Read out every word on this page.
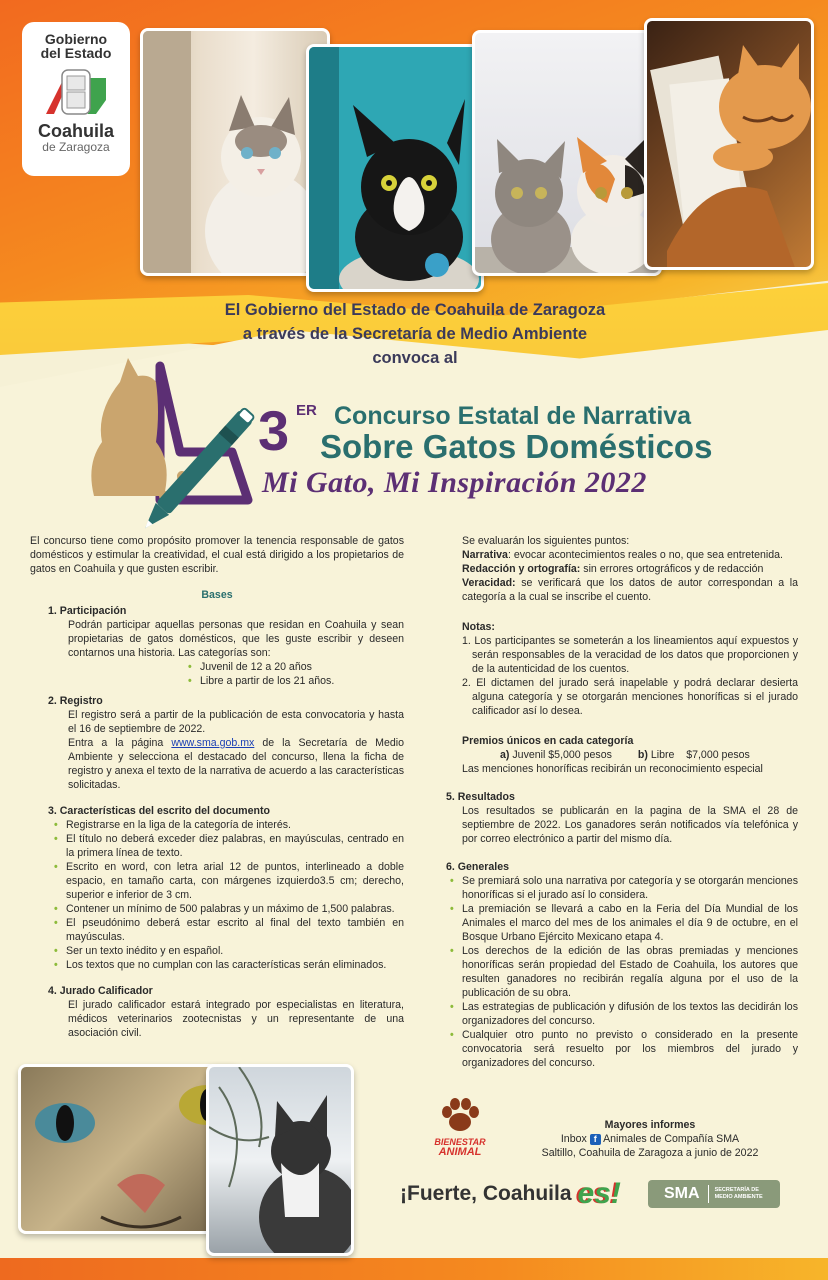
Gobierno
del Estado
Coahuila
de Zaragoza
El Gobierno del Estado de Coahuila de Zaragoza
a través de la Secretaría de Medio Ambiente
convoca al
3 ER Concurso Estatal de Narrativa
Sobre Gatos Domésticos
Mi Gato, Mi Inspiración 2022

El concurso tiene como propósito promover la tenencia responsable de gatos domésticos y estimular la creatividad, el cual está dirigido a los propietarios de gatos en Coahuila y que gusten escribir.

Bases

1. Participación

Podrán participar aquellas personas que residan en Coahuila y sean propietarias de gatos domésticos, que les guste escribir y deseen contarnos una historia. Las categorías son:

• Juvenil de 12 a 20 años
• Libre a partir de los 21 años.

2. Registro

El registro será a partir de la publicación de esta convocatoria y hasta el 16 de septiembre de 2022.

Entra a la página www.sma.gob.mx de la Secretaría de Medio Ambiente y selecciona el destacado del concurso, llena la ficha de registro y anexa el texto de la narrativa de acuerdo a las características solicitadas.

3. Características del escrito del documento

• Registrarse en la liga de la categoría de interés.
• El título no deberá exceder diez palabras, en mayúsculas, centrado en la primera línea de texto.
• Escrito en word, con letra arial 12 de puntos, interlineado a doble espacio, en tamaño carta, con márgenes izquierdo3.5 cm; derecho, superior e inferior de 3 cm.
• Contener un mínimo de 500 palabras y un máximo de 1,500 palabras.
• El pseudónimo deberá estar escrito al final del texto también en mayúsculas.
• Ser un texto inédito y en español.
• Los textos que no cumplan con las características serán eliminados.

4. Jurado Calificador

El jurado calificador estará integrado por especialistas en literatura, médicos veterinarios zootecnistas y un representante de una asociación civil.

Se evaluarán los siguientes puntos:

Narrativa: evocar acontecimientos reales o no, que sea entretenida.

Redacción y ortografía: sin errores ortográficos y de redacción

Veracidad: se verificará que los datos de autor correspondan a la categoría a la cual se inscribe el cuento.

Notas:

1. Los participantes se someterán a los lineamientos aquí expuestos y serán responsables de la veracidad de los datos que proporcionen y de la autenticidad de los cuentos.

2. El dictamen del jurado será inapelable y podrá declarar desierta alguna categoría y se otorgarán menciones honoríficas si el jurado calificador así lo desea.

Premios únicos en cada categoría

a) Juvenil $5,000 pesos b) Libre    $7,000 pesos

Las menciones honoríficas recibirán un reconocimiento especial

5. Resultados

Los resultados se publicarán en la pagina de la SMA el 28 de septiembre de 2022. Los ganadores serán notificados vía telefónica y por correo electrónico a partir del mismo día.

6. Generales

• Se premiará solo una narrativa por categoría y se otorgarán menciones honoríficas si el jurado así lo considera.
• La premiación se llevará a cabo en la Feria del Día Mundial de los Animales el marco del mes de los animales el día 9 de octubre, en el Bosque Urbano Ejército Mexicano etapa 4.
• Los derechos de la edición de las obras premiadas y menciones honoríficas serán propiedad del Estado de Coahuila, los autores que resulten ganadores no recibirán regalía alguna por el uso de la publicación de su obra.
• Las estrategias de publicación y difusión de los textos las decidirán los organizadores del concurso.
• Cualquier otro punto no previsto o considerado en la presente convocatoria será resuelto por los miembros del jurado y organizadores del concurso.
BIENESTAR
ANIMAL
Mayores informes
Inbox f Animales de Compañía SMA
Saltillo, Coahuila de Zaragoza a junio de 2022
¡Fuerte, Coahuila es!	SMA	SECRETARÍA DE
MEDIO AMBIENTE
